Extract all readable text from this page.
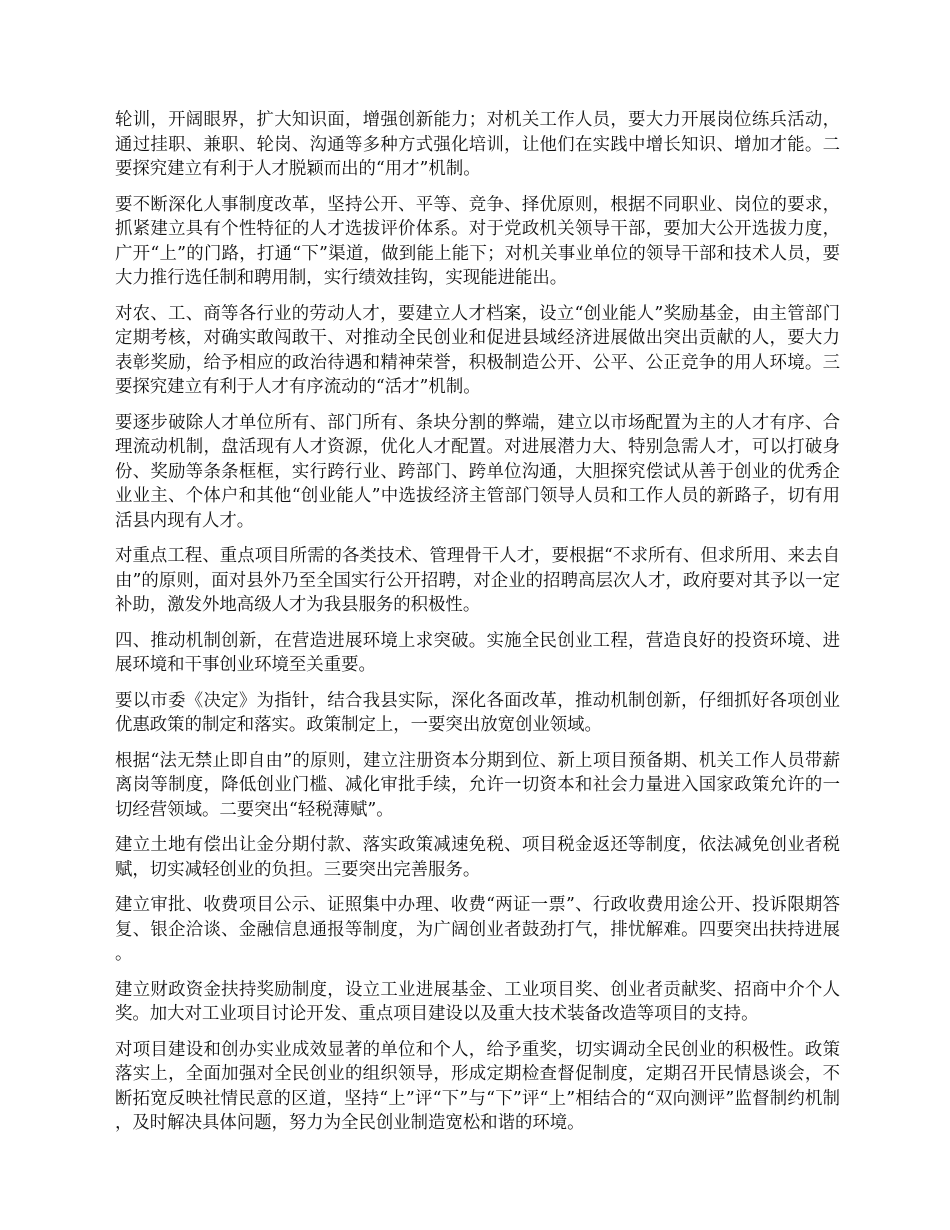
轮训，开阔眼界，扩大知识面，增强创新能力；对机关工作人员，要大力开展岗位练兵活动，通过挂职、兼职、轮岗、沟通等多种方式强化培训，让他们在实践中增长知识、增加才能。二要探究建立有利于人才脱颖而出的“用才”机制。

要不断深化人事制度改革，坚持公开、平等、竞争、择优原则，根据不同职业、岗位的要求，抓紧建立具有个性特征的人才选拔评价体系。对于党政机关领导干部，要加大公开选拔力度，广开“上”的门路，打通“下”渠道，做到能上能下；对机关事业单位的领导干部和技术人员，要大力推行选任制和聘用制，实行绩效挂钩，实现能进能出。

对农、工、商等各行业的劳动人才，要建立人才档案，设立“创业能人”奖励基金，由主管部门定期考核，对确实敢闯敢干、对推动全民创业和促进县域经济进展做出突出贡献的人，要大力表彰奖励，给予相应的政治待遇和精神荣誉，积极制造公开、公平、公正竞争的用人环境。三要探究建立有利于人才有序流动的“活才”机制。

要逐步破除人才单位所有、部门所有、条块分割的弊端，建立以市场配置为主的人才有序、合理流动机制，盘活现有人才资源，优化人才配置。对进展潜力大、特别急需人才，可以打破身份、奖励等条条框框，实行跨行业、跨部门、跨单位沟通，大胆探究偿试从善于创业的优秀企业业主、个体户和其他“创业能人”中选拔经济主管部门领导人员和工作人员的新路子，切有用活县内现有人才。

对重点工程、重点项目所需的各类技术、管理骨干人才，要根据“不求所有、但求所用、来去自由”的原则，面对县外乃至全国实行公开招聘，对企业的招聘高层次人才，政府要对其予以一定补助，激发外地高级人才为我县服务的积极性。

四、推动机制创新，在营造进展环境上求突破。实施全民创业工程，营造良好的投资环境、进展环境和干事创业环境至关重要。

要以市委《决定》为指针，结合我县实际，深化各面改革，推动机制创新，仔细抓好各项创业优惠政策的制定和落实。政策制定上，一要突出放宽创业领域。

根据“法无禁止即自由”的原则，建立注册资本分期到位、新上项目预备期、机关工作人员带薪离岗等制度，降低创业门槛、减化审批手续，允许一切资本和社会力量进入国家政策允许的一切经营领域。二要突出“轻税薄赋”。

建立土地有偿出让金分期付款、落实政策减速免税、项目税金返还等制度，依法减免创业者税赋，切实减轻创业的负担。三要突出完善服务。

建立审批、收费项目公示、证照集中办理、收费“两证一票”、行政收费用途公开、投诉限期答复、银企洽谈、金融信息通报等制度，为广阔创业者鼓劲打气，排忧解难。四要突出扶持进展。

建立财政资金扶持奖励制度，设立工业进展基金、工业项目奖、创业者贡献奖、招商中介个人奖。加大对工业项目讨论开发、重点项目建设以及重大技术装备改造等项目的支持。

对项目建设和创办实业成效显著的单位和个人，给予重奖，切实调动全民创业的积极性。政策落实上，全面加强对全民创业的组织领导，形成定期检查督促制度，定期召开民情恳谈会，不断拓宽反映社情民意的区道，坚持“上”评“下”与“下”评“上”相结合的“双向测评”监督制约机制，及时解决具体问题，努力为全民创业制造宽松和谐的环境。
